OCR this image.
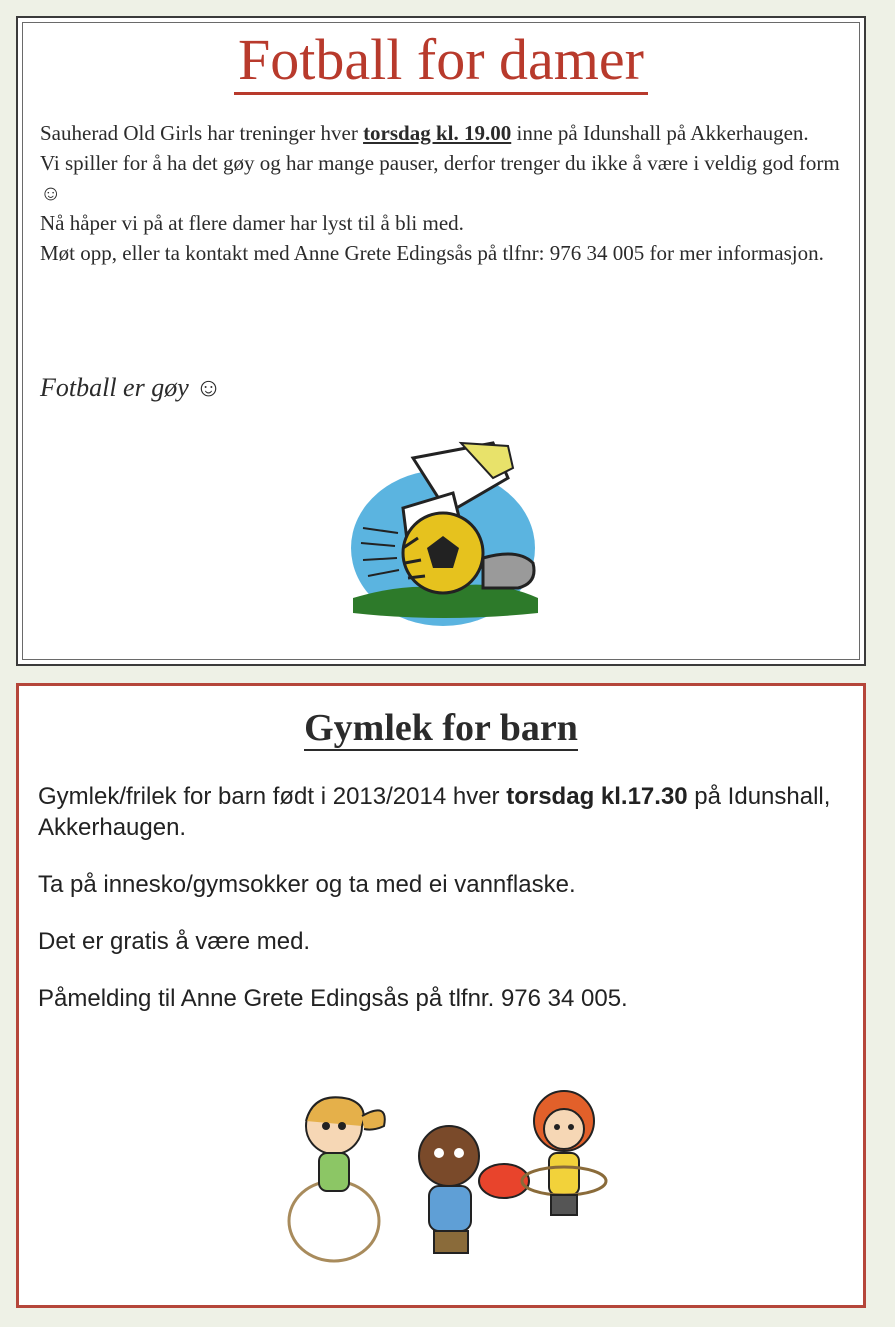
Fotball for damer

Sauherad Old Girls har treninger hver torsdag kl. 19.00 inne på Idunshall på Akkerhaugen.

Vi spiller for å ha det gøy og har mange pauser, derfor trenger du ikke å være i veldig god form ☺

Nå håper vi på at flere damer har lyst til å bli med.

Møt opp, eller ta kontakt med Anne Grete Edingsås på tlfnr: 976 34 005 for mer informasjon.

Fotball er gøy ☺
Gymlek for barn

Gymlek/frilek for barn født i 2013/2014 hver torsdag kl.17.30 på Idunshall, Akkerhaugen.

Ta på innesko/gymsokker og ta med ei vannflaske.

Det er gratis å være med.

Påmelding til Anne Grete Edingsås på tlfnr. 976 34 005.
